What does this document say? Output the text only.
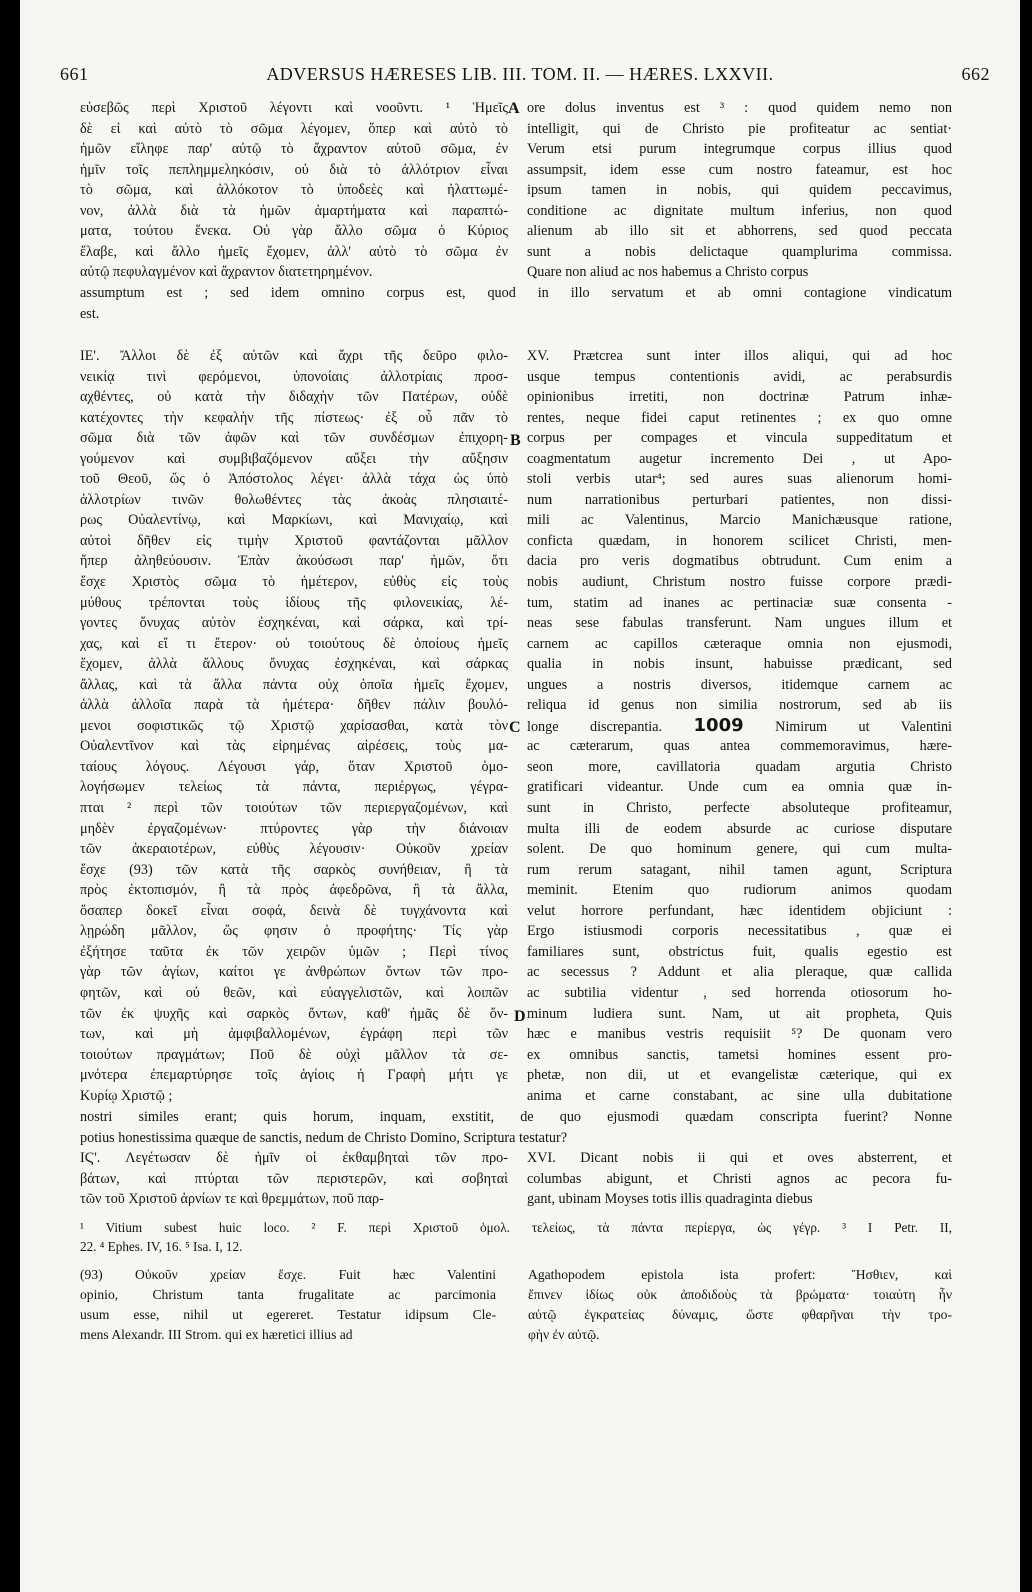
661	ADVERSUS HÆRESES LIB. III. TOM. II. — HÆRES. LXXVII.	662
εὐσεβῶς περὶ Χριστοῦ λέγοντι καὶ νοοῦντι. ¹ Ἡμεῖς
δὲ εἰ καὶ αὐτὸ τὸ σῶμα λέγομεν, ὅπερ καὶ αὐτὸ τὸ
ἡμῶν εἴληφε παρ' αὐτῷ τὸ ἄχραντον αὐτοῦ σῶμα, ἐν
ἡμῖν τοῖς πεπλημμεληκόσιν, οὐ διὰ τὸ ἀλλότριον εἶναι
τὸ σῶμα, καὶ ἀλλόκοτον τὸ ὑποδεὲς καὶ ἠλαττωμέ-
νον, ἀλλὰ διὰ τὰ ἡμῶν ἁμαρτήματα καὶ παραπτώ-
ματα, τούτου ἕνεκα. Οὐ γὰρ ἄλλο σῶμα ὁ Κύριος
ἔλαβε, καὶ ἄλλο ἡμεῖς ἔχομεν, ἀλλ' αὐτὸ τὸ σῶμα ἐν
αὐτῷ πεφυλαγμένον καὶ ἄχραντον διατετηρημένον.
ore dolus inventus est ³ : quod quidem nemo non
intelligit, qui de Christo pie profiteatur ac sentiat·
Verum etsi purum integrumque corpus illius quod
assumpsit, idem esse cum nostro fateamur, est hoc
ipsum tamen in nobis, qui quidem peccavimus,
conditione ac dignitate multum inferius, non quod
alienum ab illo sit et abhorrens, sed quod peccata
sunt a nobis delictaque quamplurima commissa.
Quare non aliud ac nos habemus a Christo corpus
assumptum est ; sed idem omnino corpus est, quod in illo servatum et ab omni contagione vindicatum
est.
ΙΕ'. Ἄλλοι δὲ ἐξ αὐτῶν καὶ ἄχρι τῆς δεῦρο φιλο-
νεικίᾳ τινὶ φερόμενοι, ὑπονοίαις ἀλλοτρίαις προσ-
αχθέντες, οὐ κατὰ τὴν διδαχὴν τῶν Πατέρων, οὐδὲ
κατέχοντες τὴν κεφαλὴν τῆς πίστεως· ἐξ οὗ πᾶν τὸ
σῶμα διὰ τῶν ἀφῶν καὶ τῶν συνδέσμων ἐπιχορη-
γούμενον καὶ συμβιβαζόμενον αὔξει τὴν αὔξησιν
τοῦ Θεοῦ, ὥς ὁ Ἀπόστολος λέγει· ἀλλὰ τάχα ὡς ὑπὸ
ἀλλοτρίων τινῶν θολωθέντες τὰς ἀκοὰς πλησιαιτέ-
ρως Οὐαλεντίνῳ, καὶ Μαρκίωνι, καὶ Μανιχαίῳ, καὶ
αὐτοὶ δῆθεν εἰς τιμὴν Χριστοῦ φαντάζονται μᾶλλον
ἤπερ ἀληθεύουσιν. Ἐπὰν ἀκούσωσι παρ' ἡμῶν, ὅτι
ἔσχε Χριστὸς σῶμα τὸ ἡμέτερον, εὐθὺς εἰς τοὺς
μύθους τρέπονται τοὺς ἰδίους τῆς φιλονεικίας, λέ-
γοντες ὄνυχας αὐτὸν ἐσχηκέναι, καὶ σάρκα, καὶ τρί-
χας, καὶ εἴ τι ἕτερον· οὐ τοιούτους δὲ ὁποίους ἡμεῖς
ἔχομεν, ἀλλὰ ἄλλους ὄνυχας ἐσχηκέναι, καὶ σάρκας
ἄλλας, καὶ τὰ ἄλλα πάντα οὐχ ὁποῖα ἡμεῖς ἔχομεν,
ἀλλὰ ἀλλοῖα παρὰ τὰ ἡμέτερα· δῆθεν πάλιν βουλό-
μενοι σοφιστικῶς τῷ Χριστῷ χαρίσασθαι, κατὰ τὸν
Οὐαλεντῖνον καὶ τὰς εἰρημένας αἱρέσεις, τοὺς μα-
ταίους λόγους. Λέγουσι γάρ, ὅταν Χριστοῦ ὁμο-
λογήσωμεν τελείως τὰ πάντα, περιέργως, γέγρα-
πται ² περὶ τῶν τοιούτων τῶν περιεργαζομένων, καὶ
μηδὲν ἐργαζομένων· πτύροντες γὰρ τὴν διάνοιαν
τῶν ἀκεραιοτέρων, εὐθὺς λέγουσιν· Οὐκοῦν χρείαν
ἔσχε (93) τῶν κατὰ τῆς σαρκὸς συνήθειαν, ἢ τὰ
πρὸς ἐκτοπισμόν, ἢ τὰ πρὸς ἀφεδρῶνα, ἢ τὰ ἄλλα,
ὅσαπερ δοκεῖ εἶναι σοφά, δεινὰ δὲ τυγχάνοντα καὶ
λῃρώδη μᾶλλον, ὥς φησιν ὁ προφήτης· Τίς γὰρ
ἐξήτησε ταῦτα ἐκ τῶν χειρῶν ὑμῶν ; Περὶ τίνος
γὰρ τῶν ἁγίων, καίτοι γε ἀνθρώπων ὄντων τῶν προ-
φητῶν, καὶ οὐ θεῶν, καὶ εὐαγγελιστῶν, καὶ λοιπῶν
τῶν ἐκ ψυχῆς καὶ σαρκὸς ὄντων, καθ' ἡμᾶς δὲ ὄν-
των, καὶ μὴ ἀμφιβαλλομένων, ἐγράφη περὶ τῶν
τοιούτων πραγμάτων; Ποῦ δὲ οὐχὶ μᾶλλον τὰ σε-
μνότερα ἐπεμαρτύρησε τοῖς ἁγίοις ἡ Γραφὴ μήτι γε
Κυρίῳ Χριστῷ ;
XV. Prætcrea sunt inter illos aliqui, qui ad hoc
usque tempus contentionis avidi, ac perabsurdis
opinionibus irretiti, non doctrinæ Patrum inhæ-
rentes, neque fidei caput retinentes ; ex quo omne
corpus per compages et vincula suppeditatum et
coagmentatum augetur incremento Dei , ut Apo-
stoli verbis utar⁴; sed aures suas alienorum homi-
num narrationibus perturbari patientes, non dissi-
mili ac Valentinus, Marcio Manichæusque ratione,
conficta quædam, in honorem scilicet Christi, men-
dacia pro veris dogmatibus obtrudunt. Cum enim a
nobis audiunt, Christum nostro fuisse corpore prædi-
tum, statim ad inanes ac pertinaciæ suæ consenta -
neas sese fabulas transferunt. Nam ungues illum et
carnem ac capillos cæteraque omnia non ejusmodi,
qualia in nobis insunt, habuisse prædicant, sed
ungues a nostris diversos, itidemque carnem ac
reliqua id genus non similia nostrorum, sed ab iis
longe discrepantia. 1009 Nimirum ut Valentini
ac cæterarum, quas antea commemoravimus, hære-
seon more, cavillatoria quadam argutia Christo
gratificari videantur. Unde cum ea omnia quæ in-
sunt in Christo, perfecte absoluteque profiteamur,
multa illi de eodem absurde ac curiose disputare
solent. De quo hominum genere, qui cum multa-
rum rerum satagant, nihil tamen agunt, Scriptura
meminit. Etenim quo rudiorum animos quodam
velut horrore perfundant, hæc identidem objiciunt :
Ergo istiusmodi corporis necessitatibus , quæ ei
familiares sunt, obstrictus fuit, qualis egestio est
ac secessus ? Addunt et alia pleraque, quæ callida
ac subtilia videntur , sed horrenda otiosorum ho-
minum ludiera sunt. Nam, ut ait propheta, Quis
hæc e manibus vestris requisiit ⁵? De quonam vero
ex omnibus sanctis, tametsi homines essent pro-
phetæ, non dii, ut et evangelistæ cæterique, qui ex
anima et carne constabant, ac sine ulla dubitatione
nostri similes erant; quis horum, inquam, exstitit, de quo ejusmodi quædam conscripta fuerint? Nonne
potius honestissima quæque de sanctis, nedum de Christo Domino, Scriptura testatur?
ΙϚ'. Λεγέτωσαν δὲ ἡμῖν οἱ ἐκθαμβηταὶ τῶν προ-
βάτων, καὶ πτύρται τῶν περιστερῶν, καὶ σοβηταὶ
τῶν τοῦ Χριστοῦ ἀρνίων τε καὶ θρεμμάτων, ποῦ παρ-
XVI. Dicant nobis ii qui et oves absterrent, et
columbas abigunt, et Christi agnos ac pecora fu-
gant, ubinam Moyses totis illis quadraginta diebus
A
B
C
D
¹ Vitium subest huic loco. ² F. περὶ Χριστοῦ ὁμολ. τελείως, τὰ πάντα περίεργα, ὡς γέγρ. ³ I Petr. II,
22. ⁴ Ephes. IV, 16. ⁵ Isa. I, 12.
(93) Οὐκοῦν χρείαν ἔσχε. Fuit hæc Valentini
opinio, Christum tanta frugalitate ac parcimonia
usum esse, nihil ut egereret. Testatur idipsum Cle-
mens Alexandr. III Strom. qui ex hæretici illius ad
Agathopodem epistola ista profert: Ἤσθιεν, καὶ
ἔπινεν ἰδίως οὐκ ἀποδιδοὺς τὰ βρώματα· τοιαύτη ἦν
αὐτῷ ἐγκρατείας δύναμις, ὥστε φθαρῆναι τὴν τρο-
φὴν ἐν αὐτῷ.
